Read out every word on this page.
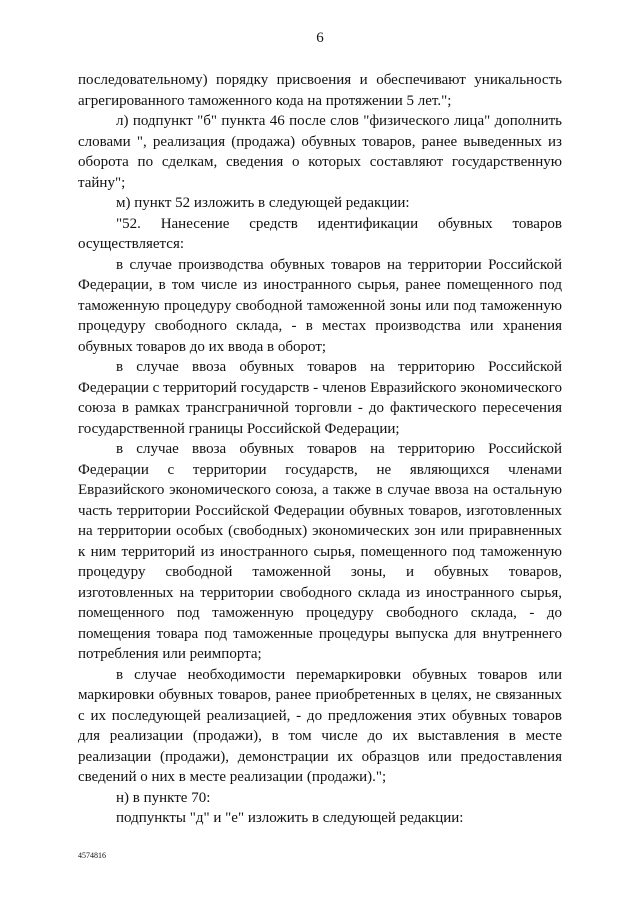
6

последовательному) порядку присвоения и обеспечивают уникальность агрегированного таможенного кода на протяжении 5 лет.";

л) подпункт "б" пункта 46 после слов "физического лица" дополнить словами ", реализация (продажа) обувных товаров, ранее выведенных из оборота по сделкам, сведения о которых составляют государственную тайну";

м) пункт 52 изложить в следующей редакции:

"52. Нанесение средств идентификации обувных товаров осуществляется:

в случае производства обувных товаров на территории Российской Федерации, в том числе из иностранного сырья, ранее помещенного под таможенную процедуру свободной таможенной зоны или под таможенную процедуру свободного склада, - в местах производства или хранения обувных товаров до их ввода в оборот;

в случае ввоза обувных товаров на территорию Российской Федерации с территорий государств - членов Евразийского экономического союза в рамках трансграничной торговли - до фактического пересечения государственной границы Российской Федерации;

в случае ввоза обувных товаров на территорию Российской Федерации с территории государств, не являющихся членами Евразийского экономического союза, а также в случае ввоза на остальную часть территории Российской Федерации обувных товаров, изготовленных на территории особых (свободных) экономических зон или приравненных к ним территорий из иностранного сырья, помещенного под таможенную процедуру свободной таможенной зоны, и обувных товаров, изготовленных на территории свободного склада из иностранного сырья, помещенного под таможенную процедуру свободного склада, - до помещения товара под таможенные процедуры выпуска для внутреннего потребления или реимпорта;

в случае необходимости перемаркировки обувных товаров или маркировки обувных товаров, ранее приобретенных в целях, не связанных с их последующей реализацией, - до предложения этих обувных товаров для реализации (продажи), в том числе до их выставления в месте реализации (продажи), демонстрации их образцов или предоставления сведений о них в месте реализации (продажи).";

н) в пункте 70:

подпункты "д" и "е" изложить в следующей редакции:

4574816
